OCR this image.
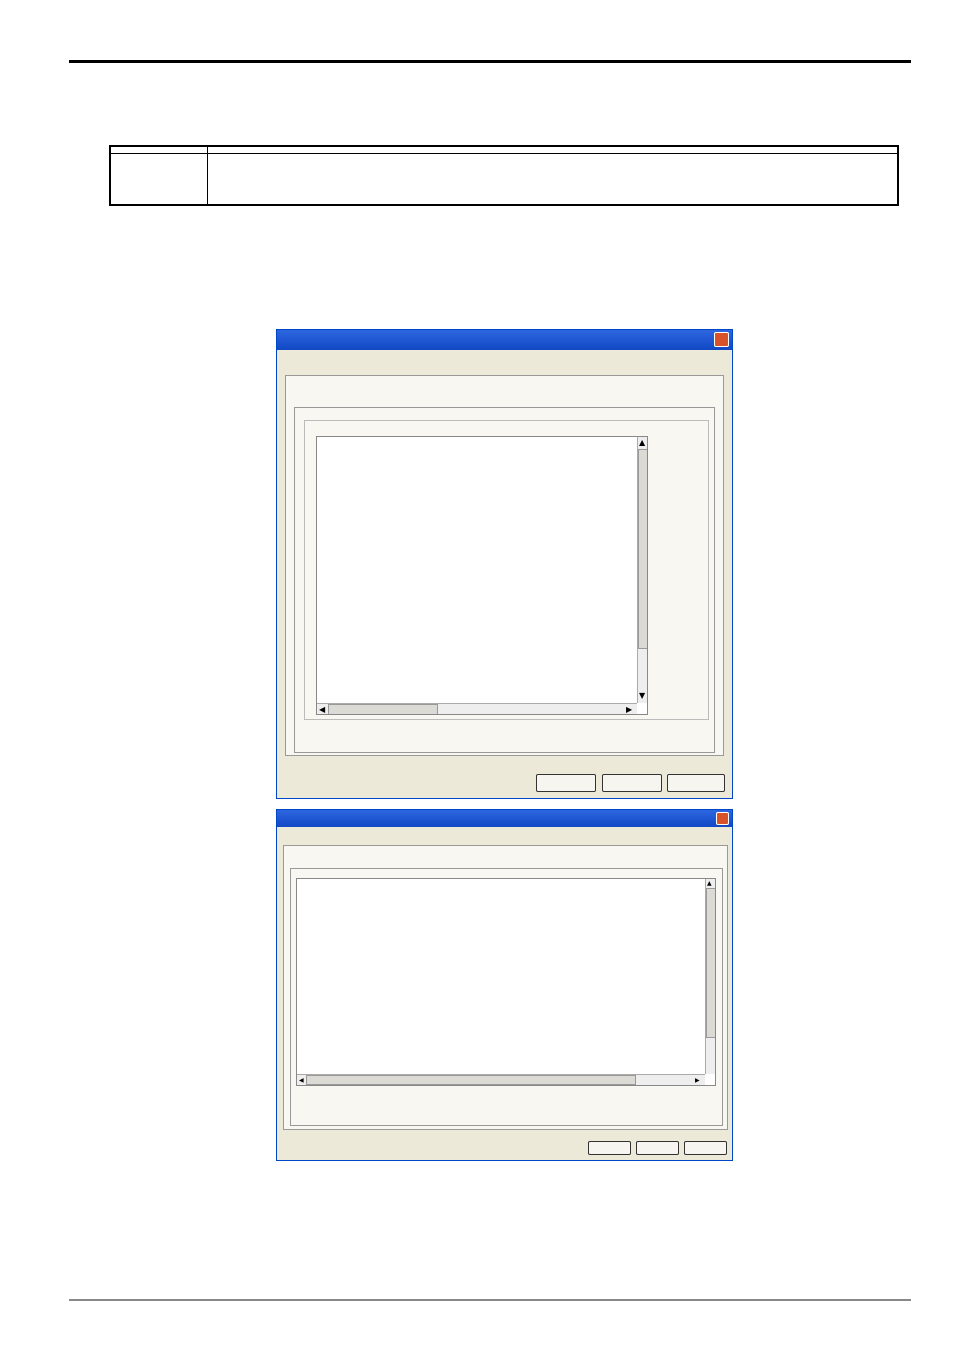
▲
▼
◀	▶
▲
◀	▶
